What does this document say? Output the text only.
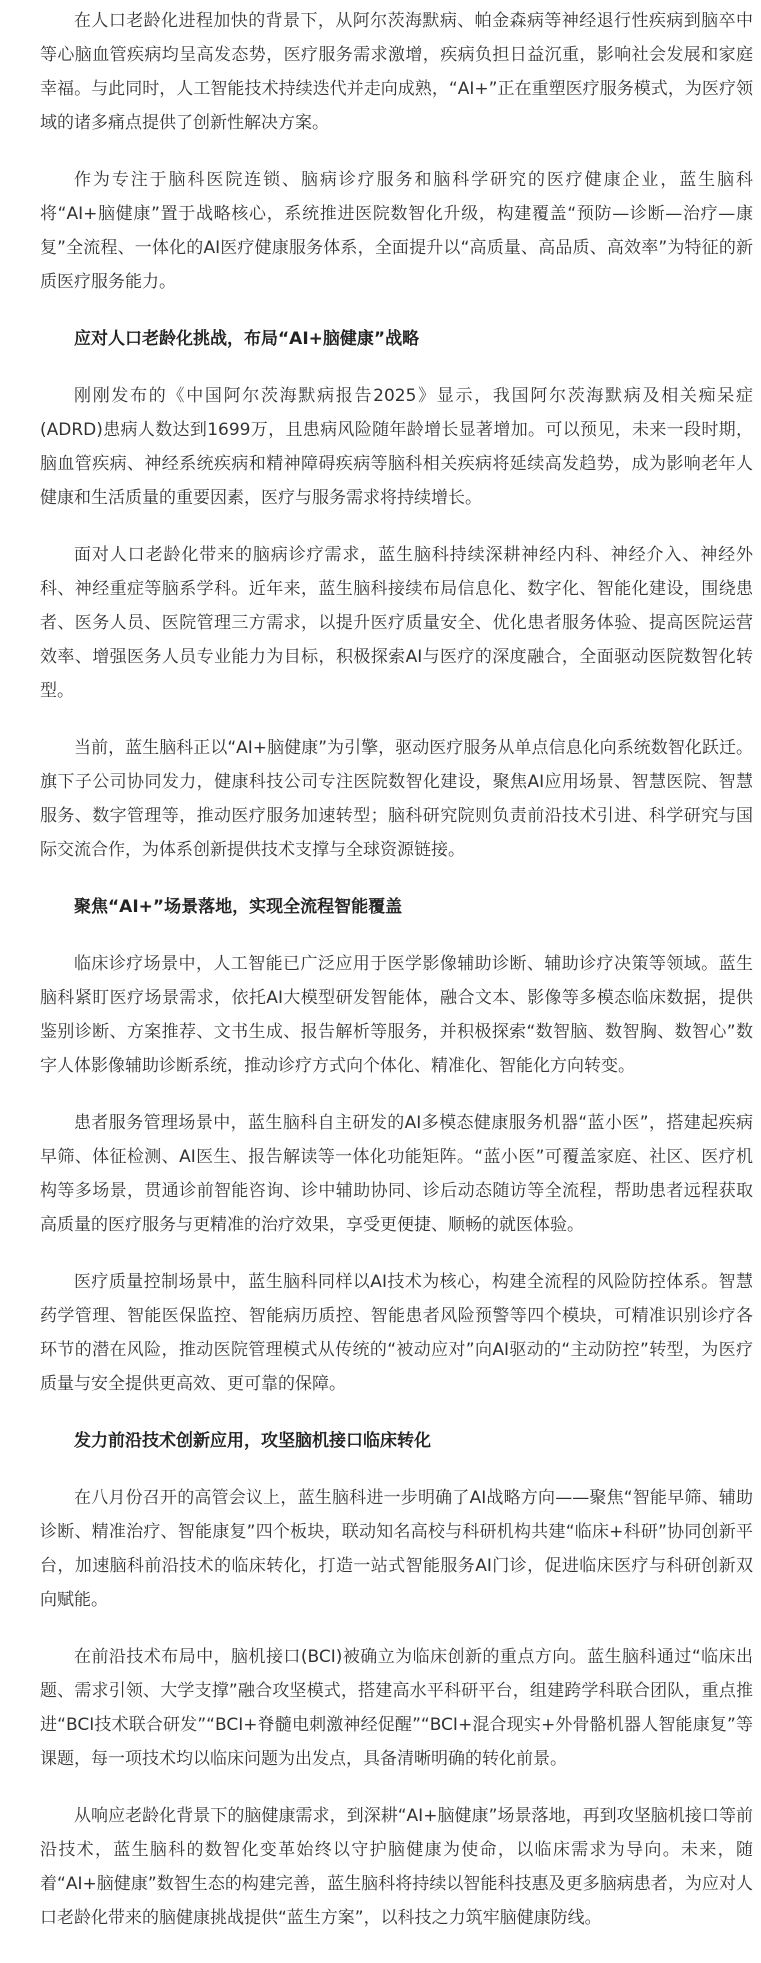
在人口老龄化进程加快的背景下，从阿尔茨海默病、帕金森病等神经退行性疾病到脑卒中等心脑血管疾病均呈高发态势，医疗服务需求激增，疾病负担日益沉重，影响社会发展和家庭幸福。与此同时，人工智能技术持续迭代并走向成熟，“AI+”正在重塑医疗服务模式，为医疗领域的诸多痛点提供了创新性解决方案。

作为专注于脑科医院连锁、脑病诊疗服务和脑科学研究的医疗健康企业，蓝生脑科将“AI+脑健康”置于战略核心，系统推进医院数智化升级，构建覆盖“预防—诊断—治疗—康复”全流程、一体化的AI医疗健康服务体系，全面提升以“高质量、高品质、高效率”为特征的新质医疗服务能力。

应对人口老龄化挑战，布局“AI+脑健康”战略

刚刚发布的《中国阿尔茨海默病报告2025》显示，我国阿尔茨海默病及相关痴呆症(ADRD)患病人数达到1699万，且患病风险随年龄增长显著增加。可以预见，未来一段时期，脑血管疾病、神经系统疾病和精神障碍疾病等脑科相关疾病将延续高发趋势，成为影响老年人健康和生活质量的重要因素，医疗与服务需求将持续增长。

面对人口老龄化带来的脑病诊疗需求，蓝生脑科持续深耕神经内科、神经介入、神经外科、神经重症等脑系学科。近年来，蓝生脑科接续布局信息化、数字化、智能化建设，围绕患者、医务人员、医院管理三方需求，以提升医疗质量安全、优化患者服务体验、提高医院运营效率、增强医务人员专业能力为目标，积极探索AI与医疗的深度融合，全面驱动医院数智化转型。

当前，蓝生脑科正以“AI+脑健康”为引擎，驱动医疗服务从单点信息化向系统数智化跃迁。旗下子公司协同发力，健康科技公司专注医院数智化建设，聚焦AI应用场景、智慧医院、智慧服务、数字管理等，推动医疗服务加速转型；脑科研究院则负责前沿技术引进、科学研究与国际交流合作，为体系创新提供技术支撑与全球资源链接。

聚焦“AI+”场景落地，实现全流程智能覆盖

临床诊疗场景中，人工智能已广泛应用于医学影像辅助诊断、辅助诊疗决策等领域。蓝生脑科紧盯医疗场景需求，依托AI大模型研发智能体，融合文本、影像等多模态临床数据，提供鉴别诊断、方案推荐、文书生成、报告解析等服务，并积极探索“数智脑、数智胸、数智心”数字人体影像辅助诊断系统，推动诊疗方式向个体化、精准化、智能化方向转变。

患者服务管理场景中，蓝生脑科自主研发的AI多模态健康服务机器“蓝小医”，搭建起疾病早筛、体征检测、AI医生、报告解读等一体化功能矩阵。“蓝小医”可覆盖家庭、社区、医疗机构等多场景，贯通诊前智能咨询、诊中辅助协同、诊后动态随访等全流程，帮助患者远程获取高质量的医疗服务与更精准的治疗效果，享受更便捷、顺畅的就医体验。

医疗质量控制场景中，蓝生脑科同样以AI技术为核心，构建全流程的风险防控体系。智慧药学管理、智能医保监控、智能病历质控、智能患者风险预警等四个模块，可精准识别诊疗各环节的潜在风险，推动医院管理模式从传统的“被动应对”向AI驱动的“主动防控”转型，为医疗质量与安全提供更高效、更可靠的保障。

发力前沿技术创新应用，攻坚脑机接口临床转化

在八月份召开的高管会议上，蓝生脑科进一步明确了AI战略方向——聚焦“智能早筛、辅助诊断、精准治疗、智能康复”四个板块，联动知名高校与科研机构共建“临床+科研”协同创新平台，加速脑科前沿技术的临床转化，打造一站式智能服务AI门诊，促进临床医疗与科研创新双向赋能。

在前沿技术布局中，脑机接口(BCI)被确立为临床创新的重点方向。蓝生脑科通过“临床出题、需求引领、大学支撑”融合攻坚模式，搭建高水平科研平台，组建跨学科联合团队，重点推进“BCI技术联合研发”“BCI+脊髓电刺激神经促醒”“BCI+混合现实+外骨骼机器人智能康复”等课题，每一项技术均以临床问题为出发点，具备清晰明确的转化前景。

从响应老龄化背景下的脑健康需求，到深耕“AI+脑健康”场景落地，再到攻坚脑机接口等前沿技术，蓝生脑科的数智化变革始终以守护脑健康为使命，以临床需求为导向。未来，随着“AI+脑健康”数智生态的构建完善，蓝生脑科将持续以智能科技惠及更多脑病患者，为应对人口老龄化带来的脑健康挑战提供“蓝生方案”，以科技之力筑牢脑健康防线。
